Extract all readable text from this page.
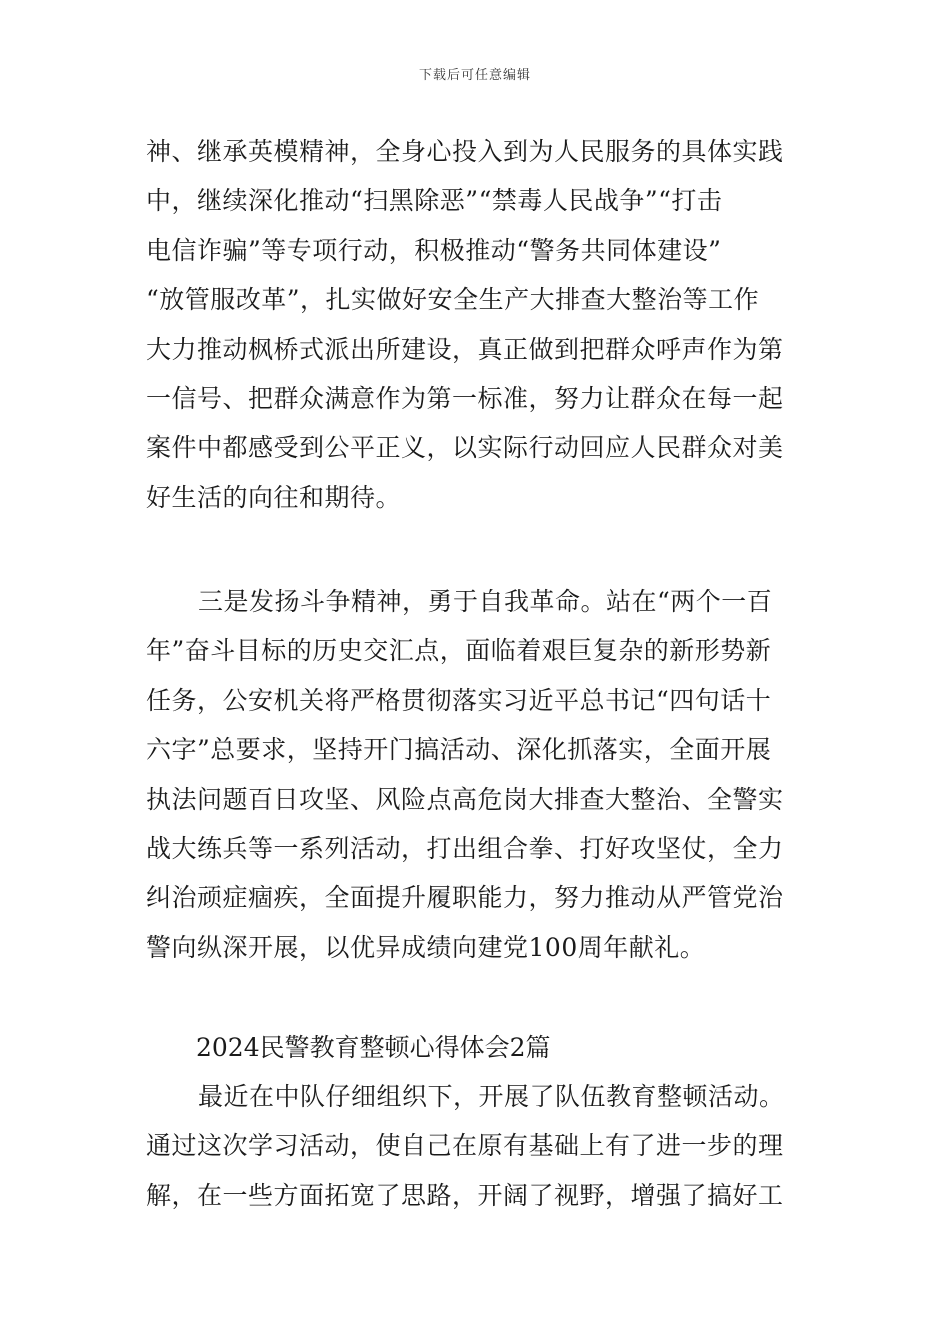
下载后可任意编辑
神、继承英模精神，全身心投入到为人民服务的具体实践
中，继续深化推动“扫黑除恶”“禁毒人民战争”“打击
电信诈骗”等专项行动，积极推动“警务共同体建设”
“放管服改革”，扎实做好安全生产大排查大整治等工作
大力推动枫桥式派出所建设，真正做到把群众呼声作为第
一信号、把群众满意作为第一标准，努力让群众在每一起
案件中都感受到公平正义，以实际行动回应人民群众对美
好生活的向往和期待。
三是发扬斗争精神，勇于自我革命。站在“两个一百
年”奋斗目标的历史交汇点，面临着艰巨复杂的新形势新
任务，公安机关将严格贯彻落实习近平总书记“四句话十
六字”总要求，坚持开门搞活动、深化抓落实，全面开展
执法问题百日攻坚、风险点高危岗大排查大整治、全警实
战大练兵等一系列活动，打出组合拳、打好攻坚仗，全力
纠治顽症痼疾，全面提升履职能力，努力推动从严管党治
警向纵深开展，以优异成绩向建党100周年献礼。
2024民警教育整顿心得体会2篇
最近在中队仔细组织下，开展了队伍教育整顿活动。
通过这次学习活动，使自己在原有基础上有了进一步的理
解，在一些方面拓宽了思路，开阔了视野，增强了搞好工
